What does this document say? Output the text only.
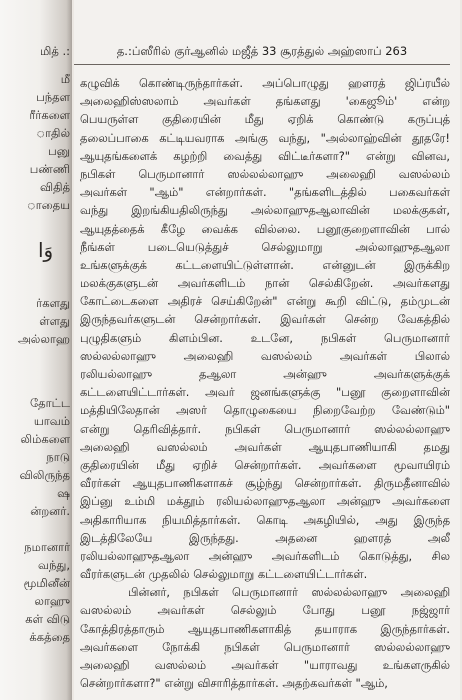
மீ
பந்தள
ரீர்களை
ாதில்
பனு
பண்ணி
விதித்
ாதைய
ர்களது
ள்ளது
அல்லாஹ
தோட்ட
யாவம்
லிம்களை
நாடு
விலிருந்த
ஷ
ன்றனர்.
நமானார்
வந்து,
மூமினீன்
லாஹு
கள் விடு
க்கத்தை
மித் .:
وَا
த.:ப்ஸீரில் குர்ஆனில் மஜீத் 33 சூரத்துல் அஹ்ஸாப் 263
கழுவிக் கொண்டிருந்தார்கள். அப்பொழுது ஹளரத் ஜிப்ரயீல்
அலைஹிஸ்ஸலாம் அவர்கள் தங்களது 'கைஜூம்' என்ற
பெயருள்ள குதிரையின் மீது ஏறிக் கொண்டு கருப்புத்
தலைப்பாகை கட்டியவராக அங்கு வந்து, "அல்லாஹ்வின் தூதரே!
ஆயுதங்களைக் கழற்றி வைத்து விட்டீர்களா?" என்று வினவ,
நபிகள் பெருமானார் ஸல்லல்லாஹு அலைஹி வஸல்லம்
அவர்கள் "ஆம்" என்றார்கள். "தங்களிடத்தில் பகைவர்கள்
வந்து இறங்கியதிலிருந்து அல்லாஹுதஆலாவின் மலக்குகள்,
ஆயுதத்தைக் கீழே வைக்க வில்லை. பனூகுறைளாவின் பால்
நீங்கள் படையெடுத்துச் செல்லுமாறு அல்லாஹுதஆலா
உங்களுக்குக் கட்டளையிட்டுள்ளான். என்னுடன் இருக்கிற
மலக்குகளுடன் அவர்களிடம் நான் செல்கிறேன். அவர்களது
கோட்டைகளை அதிரச் செய்கிறேன்" என்று கூறி விட்டு, தம்முடன்
இருந்தவர்களுடன் சென்றார்கள். இவர்கள் சென்ற வேகத்தில்
புழுதிகளும் கிளம்பின. உடனே, நபிகள் பெருமானார்
ஸல்லல்லாஹு அலைஹி வஸல்லம் அவர்கள் பிலால்
ரலியல்லாஹு தஆலா அன்ஹு அவர்களுக்குக்
கட்டளையிட்டார்கள். அவர் ஜனங்களுக்கு "பனூ குறைளாவின்
மத்தியிலேதான் அஸர் தொழுகையை நிறைவேற்ற வேண்டும்"
என்று தெரிவித்தார். நபிகள் பெருமானார் ஸல்லல்லாஹு
அலைஹி வஸல்லம் அவர்கள் ஆயுதபாணியாகி தமது
குதிரையின் மீது ஏறிச் சென்றார்கள். அவர்களை மூவாயிரம்
வீரர்கள் ஆயுதபாணிகளாகச் சூழ்ந்து சென்றார்கள். திருமதீனாவில்
இப்னு உம்மி மக்தூம் ரலியல்லாஹுதஆலா அன்ஹு அவர்களை
அதிகாரியாக நியமித்தார்கள். கொடி அகழியில், அது இருந்த
இடத்திலேயே இருந்தது. அதனை ஹளரத் அலீ
ரலியல்லாஹுதஆலா அன்ஹு அவர்களிடம் கொடுத்து, சில
வீரர்களுடன் முதலில் செல்லுமாறு கட்டளையிட்டார்கள்.
பின்னர், நபிகள் பெருமானார் ஸல்லல்லாஹு அலைஹி
வஸல்லம் அவர்கள் செல்லும் போது பனூ நஜ்ஜார்
கோத்திரத்தாரும் ஆயுதபாணிகளாகித் தயாராக இருந்தார்கள்.
அவர்களை நோக்கி நபிகள் பெருமானார் ஸல்லல்லாஹு
அலைஹி வஸல்லம் அவர்கள் "யாராவது உங்களருகில்
சென்றார்களா?" என்று விசாரித்தார்கள். அதற்கவர்கள் "ஆம்,
